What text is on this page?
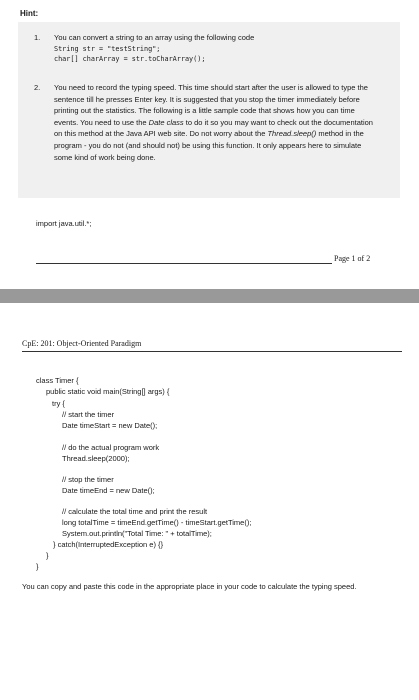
Hint:
1. You can convert a string to an array using the following code
String str = "testString";
char[] charArray = str.toCharArray();
2. You need to record the typing speed. This time should start after the user is allowed to type the sentence till he presses Enter key. It is suggested that you stop the timer immediately before printing out the statistics. The following is a little sample code that shows how you can time events. You need to use the Date class to do it so you may want to check out the documentation on this method at the Java API web site. Do not worry about the Thread.sleep() method in the program - you do not (and should not) be using this function. It only appears here to simulate some kind of work being done.
import java.util.*;
Page 1 of 2
CpE: 201: Object-Oriented Paradigm
class Timer {
public static void main(String[] args) {
try {
// start the timer
Date timeStart = new Date();
// do the actual program work
Thread.sleep(2000);
// stop the timer
Date timeEnd = new Date();
// calculate the total time and print the result
long totalTime = timeEnd.getTime() - timeStart.getTime();
System.out.println("Total Time: " + totalTime);
} catch(InterruptedException e) {}
}
}
You can copy and paste this code in the appropriate place in your code to calculate the typing speed.
